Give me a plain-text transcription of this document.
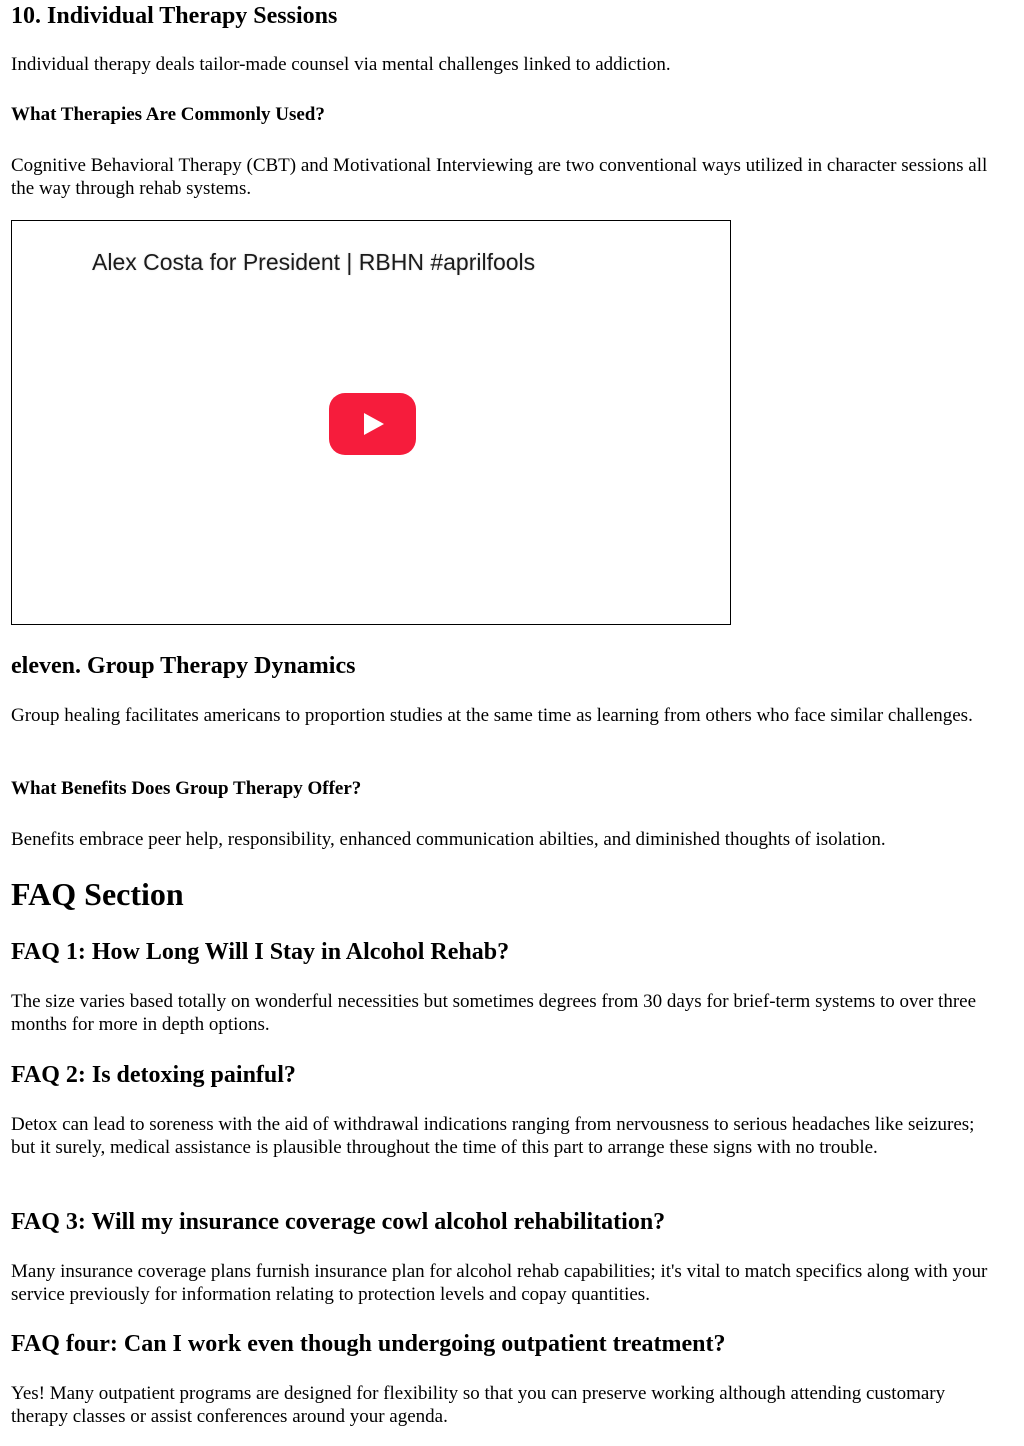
10. Individual Therapy Sessions

Individual therapy deals tailor-made counsel via mental challenges linked to addiction.

What Therapies Are Commonly Used?

Cognitive Behavioral Therapy (CBT) and Motivational Interviewing are two conventional ways utilized in character sessions all the way through rehab systems.

Alex Costa for President | RBHN #aprilfools
eleven. Group Therapy Dynamics

Group healing facilitates americans to proportion studies at the same time as learning from others who face similar challenges.

What Benefits Does Group Therapy Offer?

Benefits embrace peer help, responsibility, enhanced communication abilties, and diminished thoughts of isolation.

FAQ Section
FAQ 1: How Long Will I Stay in Alcohol Rehab?

The size varies based totally on wonderful necessities but sometimes degrees from 30 days for brief-term systems to over three months for more in depth options.

FAQ 2: Is detoxing painful?

Detox can lead to soreness with the aid of withdrawal indications ranging from nervousness to serious headaches like seizures; but it surely, medical assistance is plausible throughout the time of this part to arrange these signs with no trouble.

FAQ 3: Will my insurance coverage cowl alcohol rehabilitation?

Many insurance coverage plans furnish insurance plan for alcohol rehab capabilities; it's vital to match specifics along with your service previously for information relating to protection levels and copay quantities.

FAQ four: Can I work even though undergoing outpatient treatment?

Yes! Many outpatient programs are designed for flexibility so that you can preserve working although attending customary therapy classes or assist conferences around your agenda.
